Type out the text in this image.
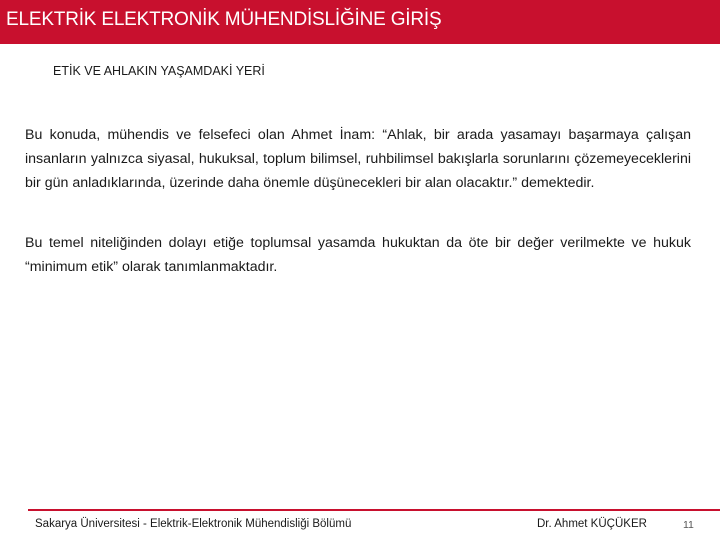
ELEKTRİK ELEKTRONİK MÜHENDİSLİĞİNE GİRİŞ
ETİK VE AHLAKIN YAŞAMDAKİ YERİ

Bu konuda, mühendis ve felsefeci olan Ahmet İnam: “Ahlak, bir arada yasamayı başarmaya çalışan insanların yalnızca siyasal, hukuksal, toplum bilimsel, ruhbilimsel bakışlarla sorunlarını çözemeyeceklerini bir gün anladıklarında, üzerinde daha önemle düşünecekleri bir alan olacaktır.” demektedir.

Bu temel niteliğinden dolayı etiğe toplumsal yasamda hukuktan da öte bir değer verilmekte ve hukuk “minimum etik” olarak tanımlanmaktadır.

Sakarya Üniversitesi - Elektrik-Elektronik Mühendisliği Bölümü	Dr. Ahmet KÜÇÜKER	11
